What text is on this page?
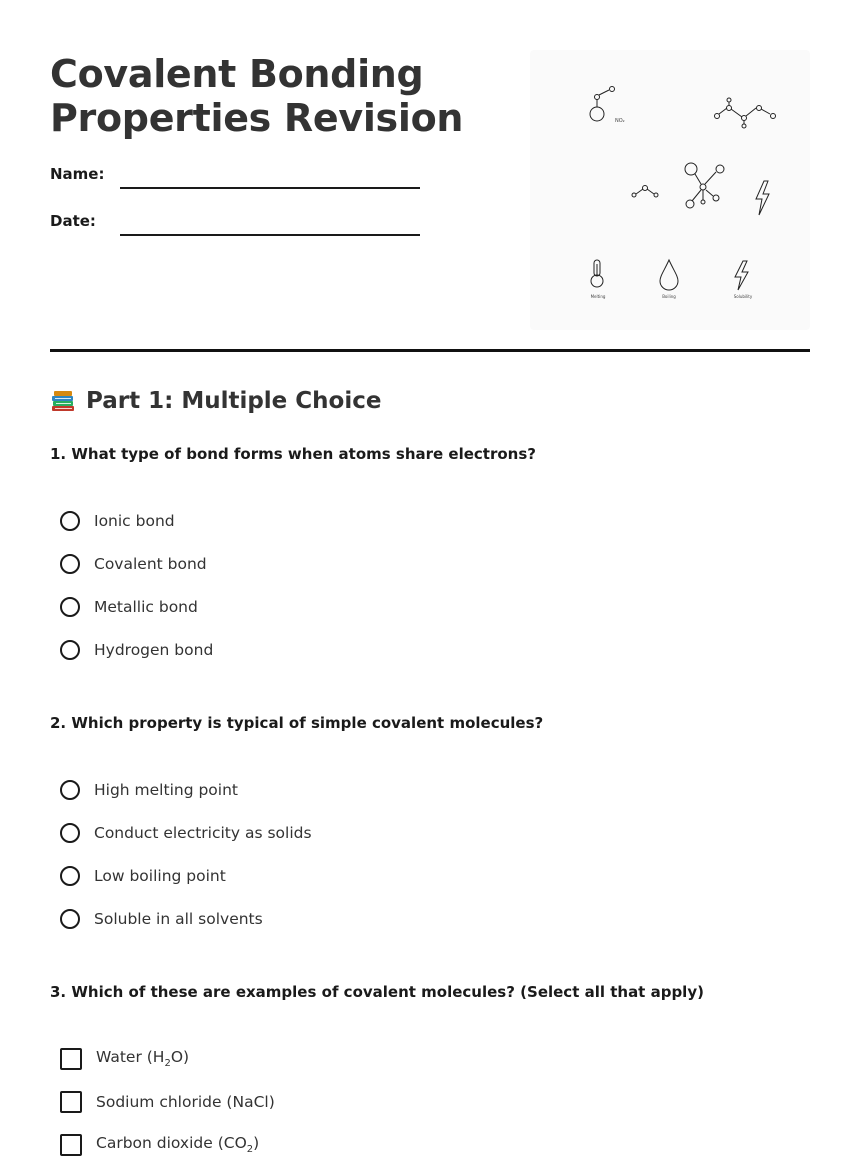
Covalent Bonding
Properties Revision
Name:
Date:
NO₂
Melting	Boiling	Solubility
Part 1: Multiple Choice

1. What type of bond forms when atoms share electrons?

Ionic bond
Covalent bond
Metallic bond
Hydrogen bond

2. Which property is typical of simple covalent molecules?

High melting point
Conduct electricity as solids
Low boiling point
Soluble in all solvents

3. Which of these are examples of covalent molecules? (Select all that apply)

Water $(H_2O)$
Sodium chloride (NaCl)
Carbon dioxide $(CO_2)$
